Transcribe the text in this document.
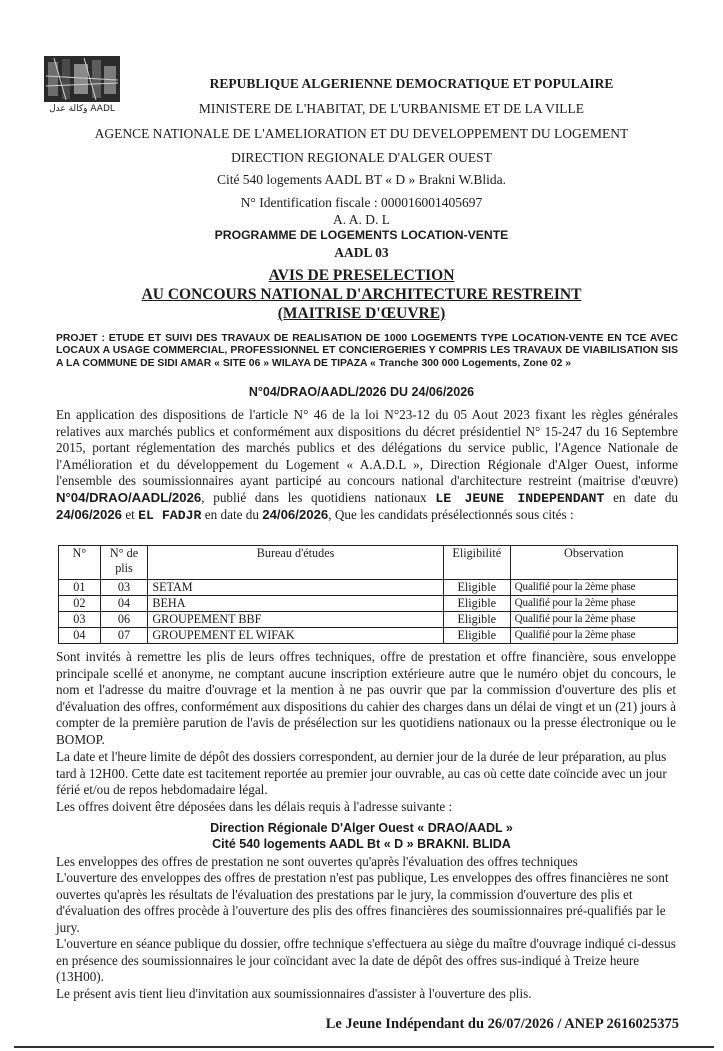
وكالة عدل AADL
REPUBLIQUE ALGERIENNE DEMOCRATIQUE ET POPULAIRE
MINISTERE DE L'HABITAT, DE L'URBANISME ET DE LA VILLE
AGENCE NATIONALE DE L'AMELIORATION ET DU DEVELOPPEMENT DU LOGEMENT
DIRECTION REGIONALE D'ALGER OUEST
Cité 540 logements AADL BT « D » Brakni W.Blida.
N° Identification fiscale : 000016001405697
A. A. D. L
PROGRAMME DE LOGEMENTS LOCATION-VENTE
AADL 03
AVIS DE PRESELECTION
AU CONCOURS NATIONAL D'ARCHITECTURE RESTREINT
(MAITRISE D'ŒUVRE)
PROJET : ETUDE ET SUIVI DES TRAVAUX DE REALISATION DE 1000 LOGEMENTS TYPE LOCATION-VENTE EN TCE AVEC LOCAUX A USAGE COMMERCIAL, PROFESSIONNEL ET CONCIERGERIES Y COMPRIS LES TRAVAUX DE VIABILISATION SIS A LA COMMUNE DE SIDI AMAR « SITE 06 » WILAYA DE TIPAZA « Tranche 300 000 Logements, Zone 02 »
N°04/DRAO/AADL/2026 DU 24/06/2026
En application des dispositions de l'article N° 46 de la loi N°23-12 du 05 Aout 2023 fixant les règles générales relatives aux marchés publics et conformément aux dispositions du décret présidentiel N° 15-247 du 16 Septembre 2015, portant réglementation des marchés publics et des délégations du service public, l'Agence Nationale de l'Amélioration et du développement du Logement « A.A.D.L », Direction Régionale d'Alger Ouest, informe l'ensemble des soumissionnaires ayant participé au concours national d'architecture restreint (maitrise d'œuvre) N°04/DRAO/AADL/2026, publié dans les quotidiens nationaux LE JEUNE INDEPENDANT en date du 24/06/2026 et EL FADJR en date du 24/06/2026, Que les candidats présélectionnés sous cités :
N°	N° de plis	Bureau d'études	Eligibilité	Observation
01	03	SETAM	Eligible	Qualifié pour la 2ème phase
02	04	BEHA	Eligible	Qualifié pour la 2ème phase
03	06	GROUPEMENT BBF	Eligible	Qualifié pour la 2ème phase
04	07	GROUPEMENT EL WIFAK	Eligible	Qualifié pour la 2ème phase
Sont invités à remettre les plis de leurs offres techniques, offre de prestation et offre financière, sous enveloppe principale scellé et anonyme, ne comptant aucune inscription extérieure autre que le numéro objet du concours, le nom et l'adresse du maitre d'ouvrage et la mention à ne pas ouvrir que par la commission d'ouverture des plis et d'évaluation des offres, conformément aux dispositions du cahier des charges dans un délai de vingt et un (21) jours à compter de la première parution de l'avis de présélection sur les quotidiens nationaux ou la presse électronique ou le BOMOP.
La date et l'heure limite de dépôt des dossiers correspondent, au dernier jour de la durée de leur préparation, au plus tard à 12H00. Cette date est tacitement reportée au premier jour ouvrable, au cas où cette date coïncide avec un jour férié et/ou de repos hebdomadaire légal.
Les offres doivent être déposées dans les délais requis à l'adresse suivante :
Direction Régionale D'Alger Ouest « DRAO/AADL »
Cité 540 logements AADL Bt « D » BRAKNI. BLIDA
Les enveloppes des offres de prestation ne sont ouvertes qu'après l'évaluation des offres techniques
L'ouverture des enveloppes des offres de prestation n'est pas publique, Les enveloppes des offres financières ne sont ouvertes qu'après les résultats de l'évaluation des prestations par le jury, la commission d'ouverture des plis et d'évaluation des offres procède à l'ouverture des plis des offres financières des soumissionnaires pré-qualifiés par le jury.
L'ouverture en séance publique du dossier, offre technique s'effectuera au siège du maître d'ouvrage indiqué ci-dessus en présence des soumissionnaires le jour coïncidant avec la date de dépôt des offres sus-indiqué à Treize heure (13H00).
Le présent avis tient lieu d'invitation aux soumissionnaires d'assister à l'ouverture des plis.
Le Jeune Indépendant du 26/07/2026 / ANEP 2616025375
